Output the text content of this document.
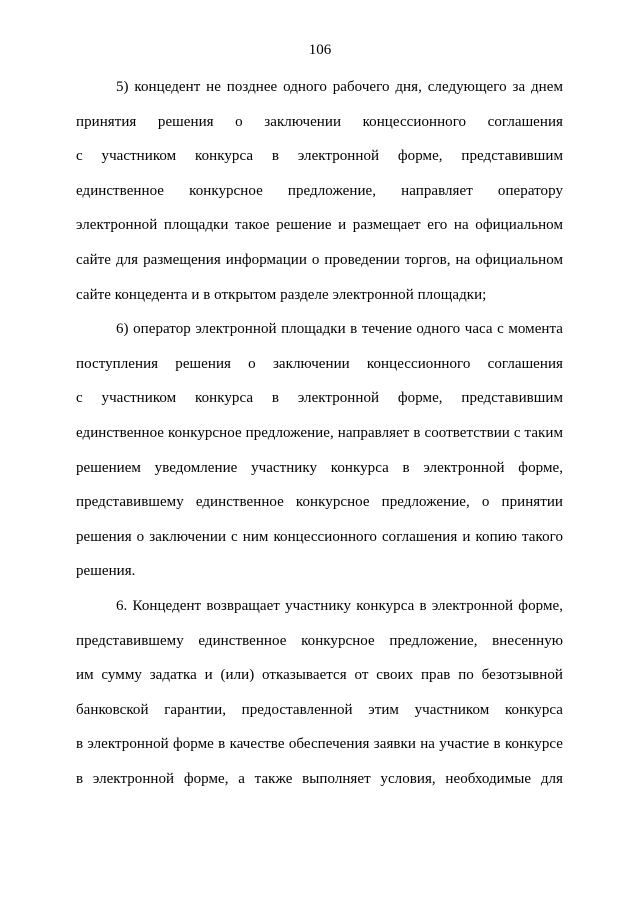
106
5) концедент не позднее одного рабочего дня, следующего за днем
принятия решения о заключении концессионного соглашения
с участником конкурса в электронной форме, представившим
единственное конкурсное предложение, направляет оператору
электронной площадки такое решение и размещает его на официальном
сайте для размещения информации о проведении торгов, на официальном
сайте концедента и в открытом разделе электронной площадки;
6) оператор электронной площадки в течение одного часа с момента
поступления решения о заключении концессионного соглашения
с участником конкурса в электронной форме, представившим
единственное конкурсное предложение, направляет в соответствии с таким
решением уведомление участнику конкурса в электронной форме,
представившему единственное конкурсное предложение, о принятии
решения о заключении с ним концессионного соглашения и копию такого
решения.
6. Концедент возвращает участнику конкурса в электронной форме,
представившему единственное конкурсное предложение, внесенную
им сумму задатка и (или) отказывается от своих прав по безотзывной
банковской гарантии, предоставленной этим участником конкурса
в электронной форме в качестве обеспечения заявки на участие в конкурсе
в электронной форме, а также выполняет условия, необходимые для
